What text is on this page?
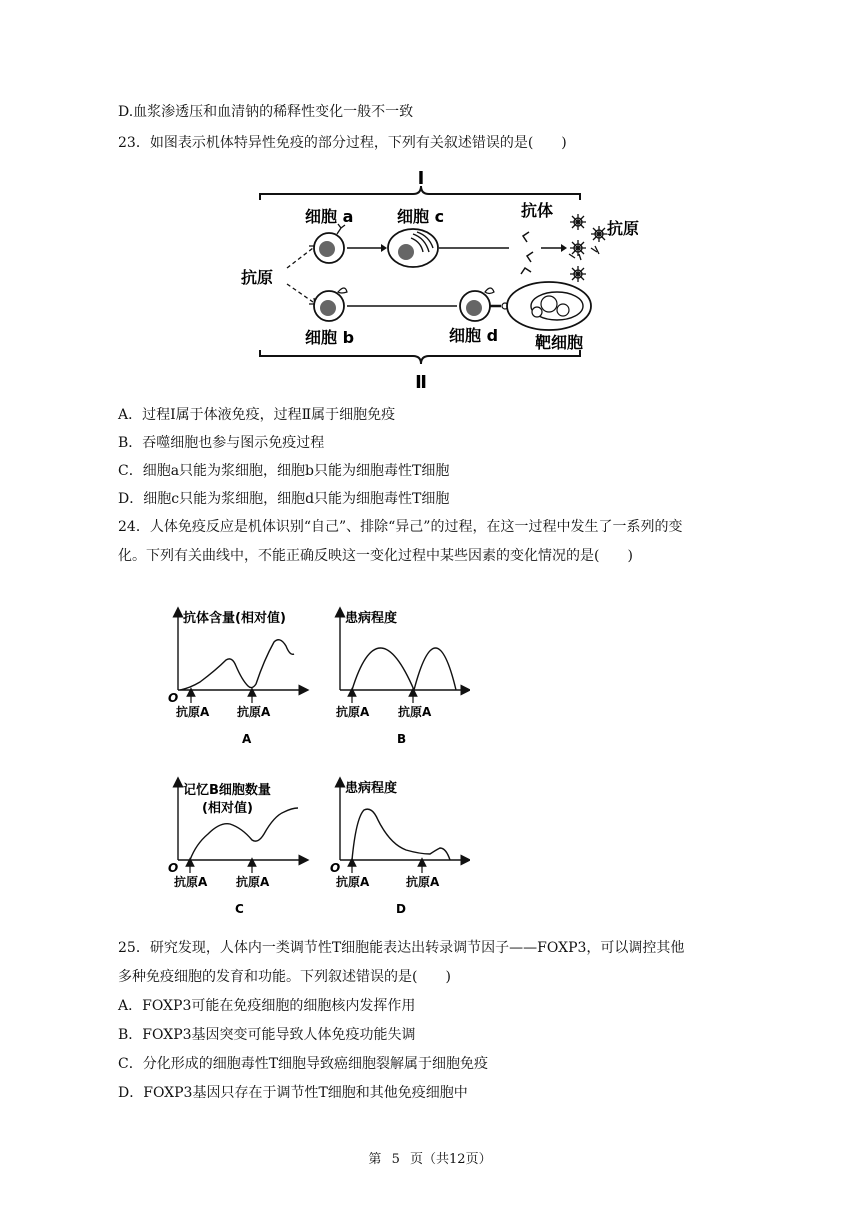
D.血浆渗透压和血清钠的稀释性变化一般不一致
23．如图表示机体特异性免疫的部分过程，下列有关叙述错误的是(　　)
Ⅰ
Ⅱ
细胞 a	细胞 c	抗体
抗原
抗原
细胞 b	细胞 d 靶细胞
A．过程Ⅰ属于体液免疫，过程Ⅱ属于细胞免疫
B．吞噬细胞也参与图示免疫过程
C．细胞a只能为浆细胞，细胞b只能为细胞毒性T细胞
D．细胞c只能为浆细胞，细胞d只能为细胞毒性T细胞
24．人体免疫反应是机体识别“自己”、排除“异己”的过程，在这一过程中发生了一系列的变
化。下列有关曲线中，不能正确反映这一变化过程中某些因素的变化情况的是(　　)
抗体含量(相对值)
O
抗原A 抗原A
A
患病程度
抗原A 抗原A
B
记忆B细胞数量
(相对值)
O
抗原A 抗原A
C
患病程度
O
抗原A	抗原A
D
25．研究发现，人体内一类调节性T细胞能表达出转录调节因子——FOXP3，可以调控其他
多种免疫细胞的发育和功能。下列叙述错误的是(　　)
A．FOXP3可能在免疫细胞的细胞核内发挥作用
B．FOXP3基因突变可能导致人体免疫功能失调
C．分化形成的细胞毒性T细胞导致癌细胞裂解属于细胞免疫
D．FOXP3基因只存在于调节性T细胞和其他免疫细胞中
第 5 页（共12页）
